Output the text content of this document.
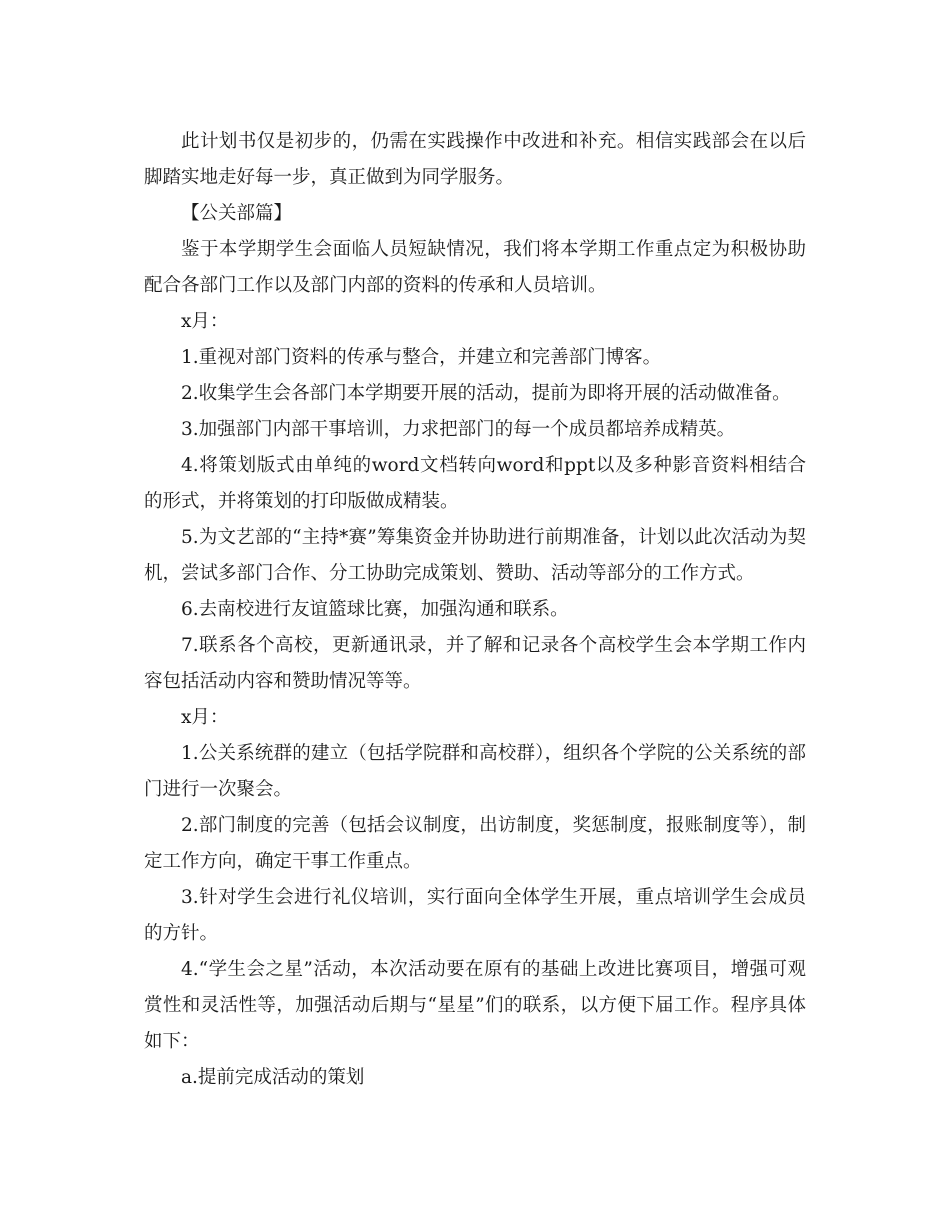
此计划书仅是初步的，仍需在实践操作中改进和补充。相信实践部会在以后脚踏实地走好每一步，真正做到为同学服务。

【公关部篇】

鉴于本学期学生会面临人员短缺情况，我们将本学期工作重点定为积极协助配合各部门工作以及部门内部的资料的传承和人员培训。

x月：

1.重视对部门资料的传承与整合，并建立和完善部门博客。

2.收集学生会各部门本学期要开展的活动，提前为即将开展的活动做准备。

3.加强部门内部干事培训，力求把部门的每一个成员都培养成精英。

4.将策划版式由单纯的word文档转向word和ppt以及多种影音资料相结合的形式，并将策划的打印版做成精装。

5.为文艺部的“主持*赛”筹集资金并协助进行前期准备，计划以此次活动为契机，尝试多部门合作、分工协助完成策划、赞助、活动等部分的工作方式。

6.去南校进行友谊篮球比赛，加强沟通和联系。

7.联系各个高校，更新通讯录，并了解和记录各个高校学生会本学期工作内容包括活动内容和赞助情况等等。

x月：

1.公关系统群的建立（包括学院群和高校群），组织各个学院的公关系统的部门进行一次聚会。

2.部门制度的完善（包括会议制度，出访制度，奖惩制度，报账制度等），制定工作方向，确定干事工作重点。

3.针对学生会进行礼仪培训，实行面向全体学生开展，重点培训学生会成员的方针。

4.“学生会之星”活动，本次活动要在原有的基础上改进比赛项目，增强可观赏性和灵活性等，加强活动后期与“星星”们的联系，以方便下届工作。程序具体如下：

a.提前完成活动的策划
